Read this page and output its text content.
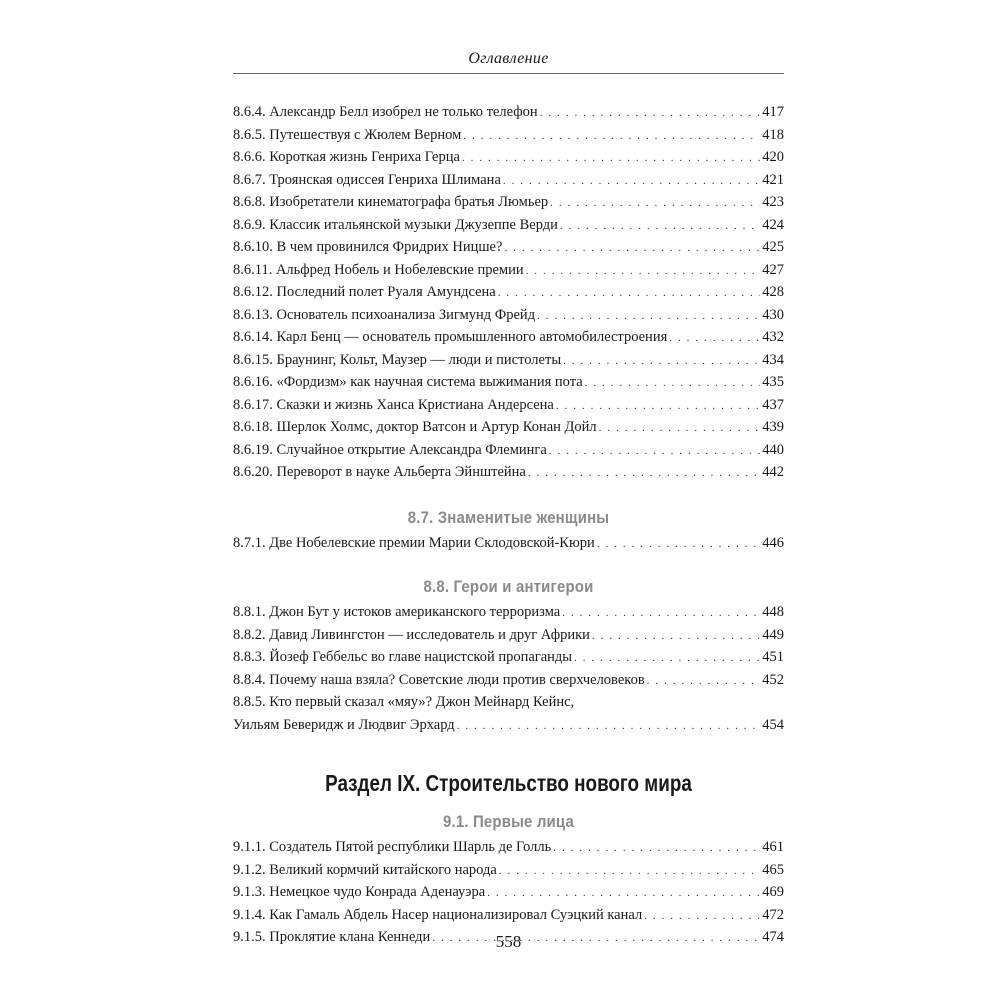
Оглавление
8.6.4. Александр Белл изобрел не только телефон . . .	417
8.6.5. Путешествуя с Жюлем Верном . . .	418
8.6.6. Короткая жизнь Генриха Герца . . .	420
8.6.7. Троянская одиссея Генриха Шлимана . . .	421
8.6.8. Изобретатели кинематографа братья Люмьер . . .	423
8.6.9. Классик итальянской музыки Джузеппе Верди . . .	424
8.6.10. В чем провинился Фридрих Ницше? . . .	425
8.6.11. Альфред Нобель и Нобелевские премии . . .	427
8.6.12. Последний полет Руаля Амундсена . . .	428
8.6.13. Основатель психоанализа Зигмунд Фрейд . . .	430
8.6.14. Карл Бенц — основатель промышленного автомобилестроения . . .	432
8.6.15. Браунинг, Кольт, Маузер — люди и пистолеты . . .	434
8.6.16. «Фордизм» как научная система выжимания пота . . .	435
8.6.17. Сказки и жизнь Ханса Кристиана Андерсена . . .	437
8.6.18. Шерлок Холмс, доктор Ватсон и Артур Конан Дойл . . .	439
8.6.19. Случайное открытие Александра Флеминга . . .	440
8.6.20. Переворот в науке Альберта Эйнштейна . . .	442
8.7. Знаменитые женщины
8.7.1. Две Нобелевские премии Марии Склодовской-Кюри . . .	446
8.8. Герои и антигерои
8.8.1. Джон Бут у истоков американского терроризма . . .	448
8.8.2. Давид Ливингстон — исследователь и друг Африки . . .	449
8.8.3. Йозеф Геббельс во главе нацистской пропаганды . . .	451
8.8.4. Почему наша взяла? Советские люди против сверхчеловеков . . .	452
8.8.5. Кто первый сказал «мяу»? Джон Мейнард Кейнс,
Уильям Беверидж и Людвиг Эрхард . . .	454
Раздел IX. Строительство нового мира
9.1. Первые лица
9.1.1. Создатель Пятой республики Шарль де Голль . . .	461
9.1.2. Великий кормчий китайского народа . . .	465
9.1.3. Немецкое чудо Конрада Аденауэра . . .	469
9.1.4. Как Гамаль Абдель Насер национализировал Суэцкий канал . . .	472
9.1.5. Проклятие клана Кеннеди . . .	474
558
